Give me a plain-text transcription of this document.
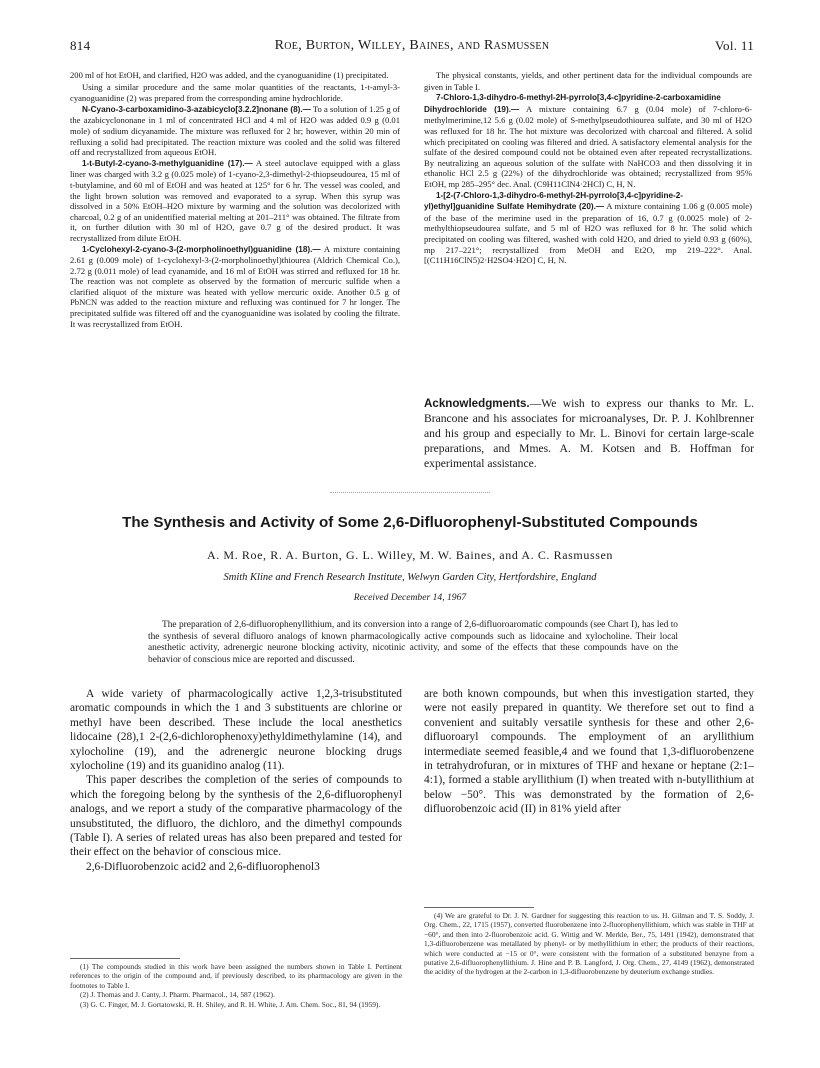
814	Roe, Burton, Willey, Baines, and Rasmussen	Vol. 11

200 ml of hot EtOH, and clarified, H2O was added, and the cyanoguanidine (1) precipitated.

Using a similar procedure and the same molar quantities of the reactants, 1-t-amyl-3-cyanoguanidine (2) was prepared from the corresponding amine hydrochloride.

N-Cyano-3-carboxamidino-3-azabicyclo[3.2.2]nonane (8).— To a solution of 1.25 g of the azabicyclononane in 1 ml of concentrated HCl and 4 ml of H2O was added 0.9 g (0.01 mole) of sodium dicyanamide. The mixture was refluxed for 2 hr; however, within 20 min of refluxing a solid had precipitated. The reaction mixture was cooled and the solid was filtered off and recrystallized from aqueous EtOH.

1-t-Butyl-2-cyano-3-methylguanidine (17).— A steel autoclave equipped with a glass liner was charged with 3.2 g (0.025 mole) of 1-cyano-2,3-dimethyl-2-thiopseudourea, 15 ml of t-butylamine, and 60 ml of EtOH and was heated at 125° for 6 hr. The vessel was cooled, and the light brown solution was removed and evaporated to a syrup. When this syrup was dissolved in a 50% EtOH–H2O mixture by warming and the solution was decolorized with charcoal, 0.2 g of an unidentified material melting at 201–211° was obtained. The filtrate from it, on further dilution with 30 ml of H2O, gave 0.7 g of the desired product. It was recrystallized from dilute EtOH.

1-Cyclohexyl-2-cyano-3-(2-morpholinoethyl)guanidine (18).— A mixture containing 2.61 g (0.009 mole) of 1-cyclohexyl-3-(2-morpholinoethyl)thiourea (Aldrich Chemical Co.), 2.72 g (0.011 mole) of lead cyanamide, and 16 ml of EtOH was stirred and refluxed for 18 hr. The reaction was not complete as observed by the formation of mercuric sulfide when a clarified aliquot of the mixture was heated with yellow mercuric oxide. Another 0.5 g of PbNCN was added to the reaction mixture and refluxing was continued for 7 hr longer. The precipitated sulfide was filtered off and the cyanoguanidine was isolated by cooling the filtrate. It was recrystallized from EtOH.

The physical constants, yields, and other pertinent data for the individual compounds are given in Table I.

7-Chloro-1,3-dihydro-6-methyl-2H-pyrrolo[3,4-c]pyridine-2-carboxamidine Dihydrochloride (19).— A mixture containing 6.7 g (0.04 mole) of 7-chloro-6-methylmerimine,12 5.6 g (0.02 mole) of S-methylpseudothiourea sulfate, and 30 ml of H2O was refluxed for 18 hr. The hot mixture was decolorized with charcoal and filtered. A solid which precipitated on cooling was filtered and dried. A satisfactory elemental analysis for the sulfate of the desired compound could not be obtained even after repeated recrystallizations. By neutralizing an aqueous solution of the sulfate with NaHCO3 and then dissolving it in ethanolic HCl 2.5 g (22%) of the dihydrochloride was obtained; recrystallized from 95% EtOH, mp 285–295° dec. Anal. (C9H11ClN4·2HCl) C, H, N.

1-[2-(7-Chloro-1,3-dihydro-6-methyl-2H-pyrrolo[3,4-c]pyridine-2-yl)ethyl]guanidine Sulfate Hemihydrate (20).— A mixture containing 1.06 g (0.005 mole) of the base of the merimine used in the preparation of 16, 0.7 g (0.0025 mole) of 2-methylthiopseudourea sulfate, and 5 ml of H2O was refluxed for 8 hr. The solid which precipitated on cooling was filtered, washed with cold H2O, and dried to yield 0.93 g (60%), mp 217–221°; recrystallized from MeOH and Et2O, mp 219–222°. Anal. [(C11H16ClN5)2·H2SO4·H2O] C, H, N.

Acknowledgments.—We wish to express our thanks to Mr. L. Brancone and his associates for microanalyses, Dr. P. J. Kohlbrenner and his group and especially to Mr. L. Binovi for certain large-scale preparations, and Mmes. A. M. Kotsen and B. Hoffman for experimental assistance.
The Synthesis and Activity of Some 2,6-Difluorophenyl-Substituted Compounds
A. M. Roe, R. A. Burton, G. L. Willey, M. W. Baines, and A. C. Rasmussen
Smith Kline and French Research Institute, Welwyn Garden City, Hertfordshire, England
Received December 14, 1967

The preparation of 2,6-difluorophenyllithium, and its conversion into a range of 2,6-difluoroaromatic compounds (see Chart I), has led to the synthesis of several difluoro analogs of known pharmacologically active compounds such as lidocaine and xylocholine. Their local anesthetic activity, adrenergic neurone blocking activity, nicotinic activity, and some of the effects that these compounds have on the behavior of conscious mice are reported and discussed.

A wide variety of pharmacologically active 1,2,3-trisubstituted aromatic compounds in which the 1 and 3 substituents are chlorine or methyl have been described. These include the local anesthetics lidocaine (28),1 2-(2,6-dichlorophenoxy)ethyldimethylamine (14), and xylocholine (19), and the adrenergic neurone blocking drugs xylocholine (19) and its guanidino analog (11).

This paper describes the completion of the series of compounds to which the foregoing belong by the synthesis of the 2,6-difluorophenyl analogs, and we report a study of the comparative pharmacology of the unsubstituted, the difluoro, the dichloro, and the dimethyl compounds (Table I). A series of related ureas has also been prepared and tested for their effect on the behavior of conscious mice.

2,6-Difluorobenzoic acid2 and 2,6-difluorophenol3

are both known compounds, but when this investigation started, they were not easily prepared in quantity. We therefore set out to find a convenient and suitably versatile synthesis for these and other 2,6-difluoroaryl compounds. The employment of an aryllithium intermediate seemed feasible,4 and we found that 1,3-difluorobenzene in tetrahydrofuran, or in mixtures of THF and hexane or heptane (2:1–4:1), formed a stable aryllithium (I) when treated with n-butyllithium at below −50°. This was demonstrated by the formation of 2,6-difluorobenzoic acid (II) in 81% yield after

(1) The compounds studied in this work have been assigned the numbers shown in Table I. Pertinent references to the origin of the compound and, if previously described, to its pharmacology are given in the footnotes to Table I.

(2) J. Thomas and J. Canty, J. Pharm. Pharmacol., 14, 587 (1962).

(3) G. C. Finger, M. J. Gortatowski, R. H. Shiley, and R. H. White, J. Am. Chem. Soc., 81, 94 (1959).

(4) We are grateful to Dr. J. N. Gardner for suggesting this reaction to us. H. Gilman and T. S. Soddy, J. Org. Chem., 22, 1715 (1957), converted fluorobenzene into 2-fluorophenyllithium, which was stable in THF at −60°, and then into 2-fluorobenzoic acid. G. Wittig and W. Merkle, Ber., 75, 1491 (1942), demonstrated that 1,3-difluorobenzene was metallated by phenyl- or by methyllithium in ether; the products of their reactions, which were conducted at −15 or 0°, were consistent with the formation of a substituted benzyne from a putative 2,6-difluorophenyllithium. J. Hine and P. B. Langford, J. Org. Chem., 27, 4149 (1962), demonstrated the acidity of the hydrogen at the 2-carbon in 1,3-difluorobenzene by deuterium exchange studies.
